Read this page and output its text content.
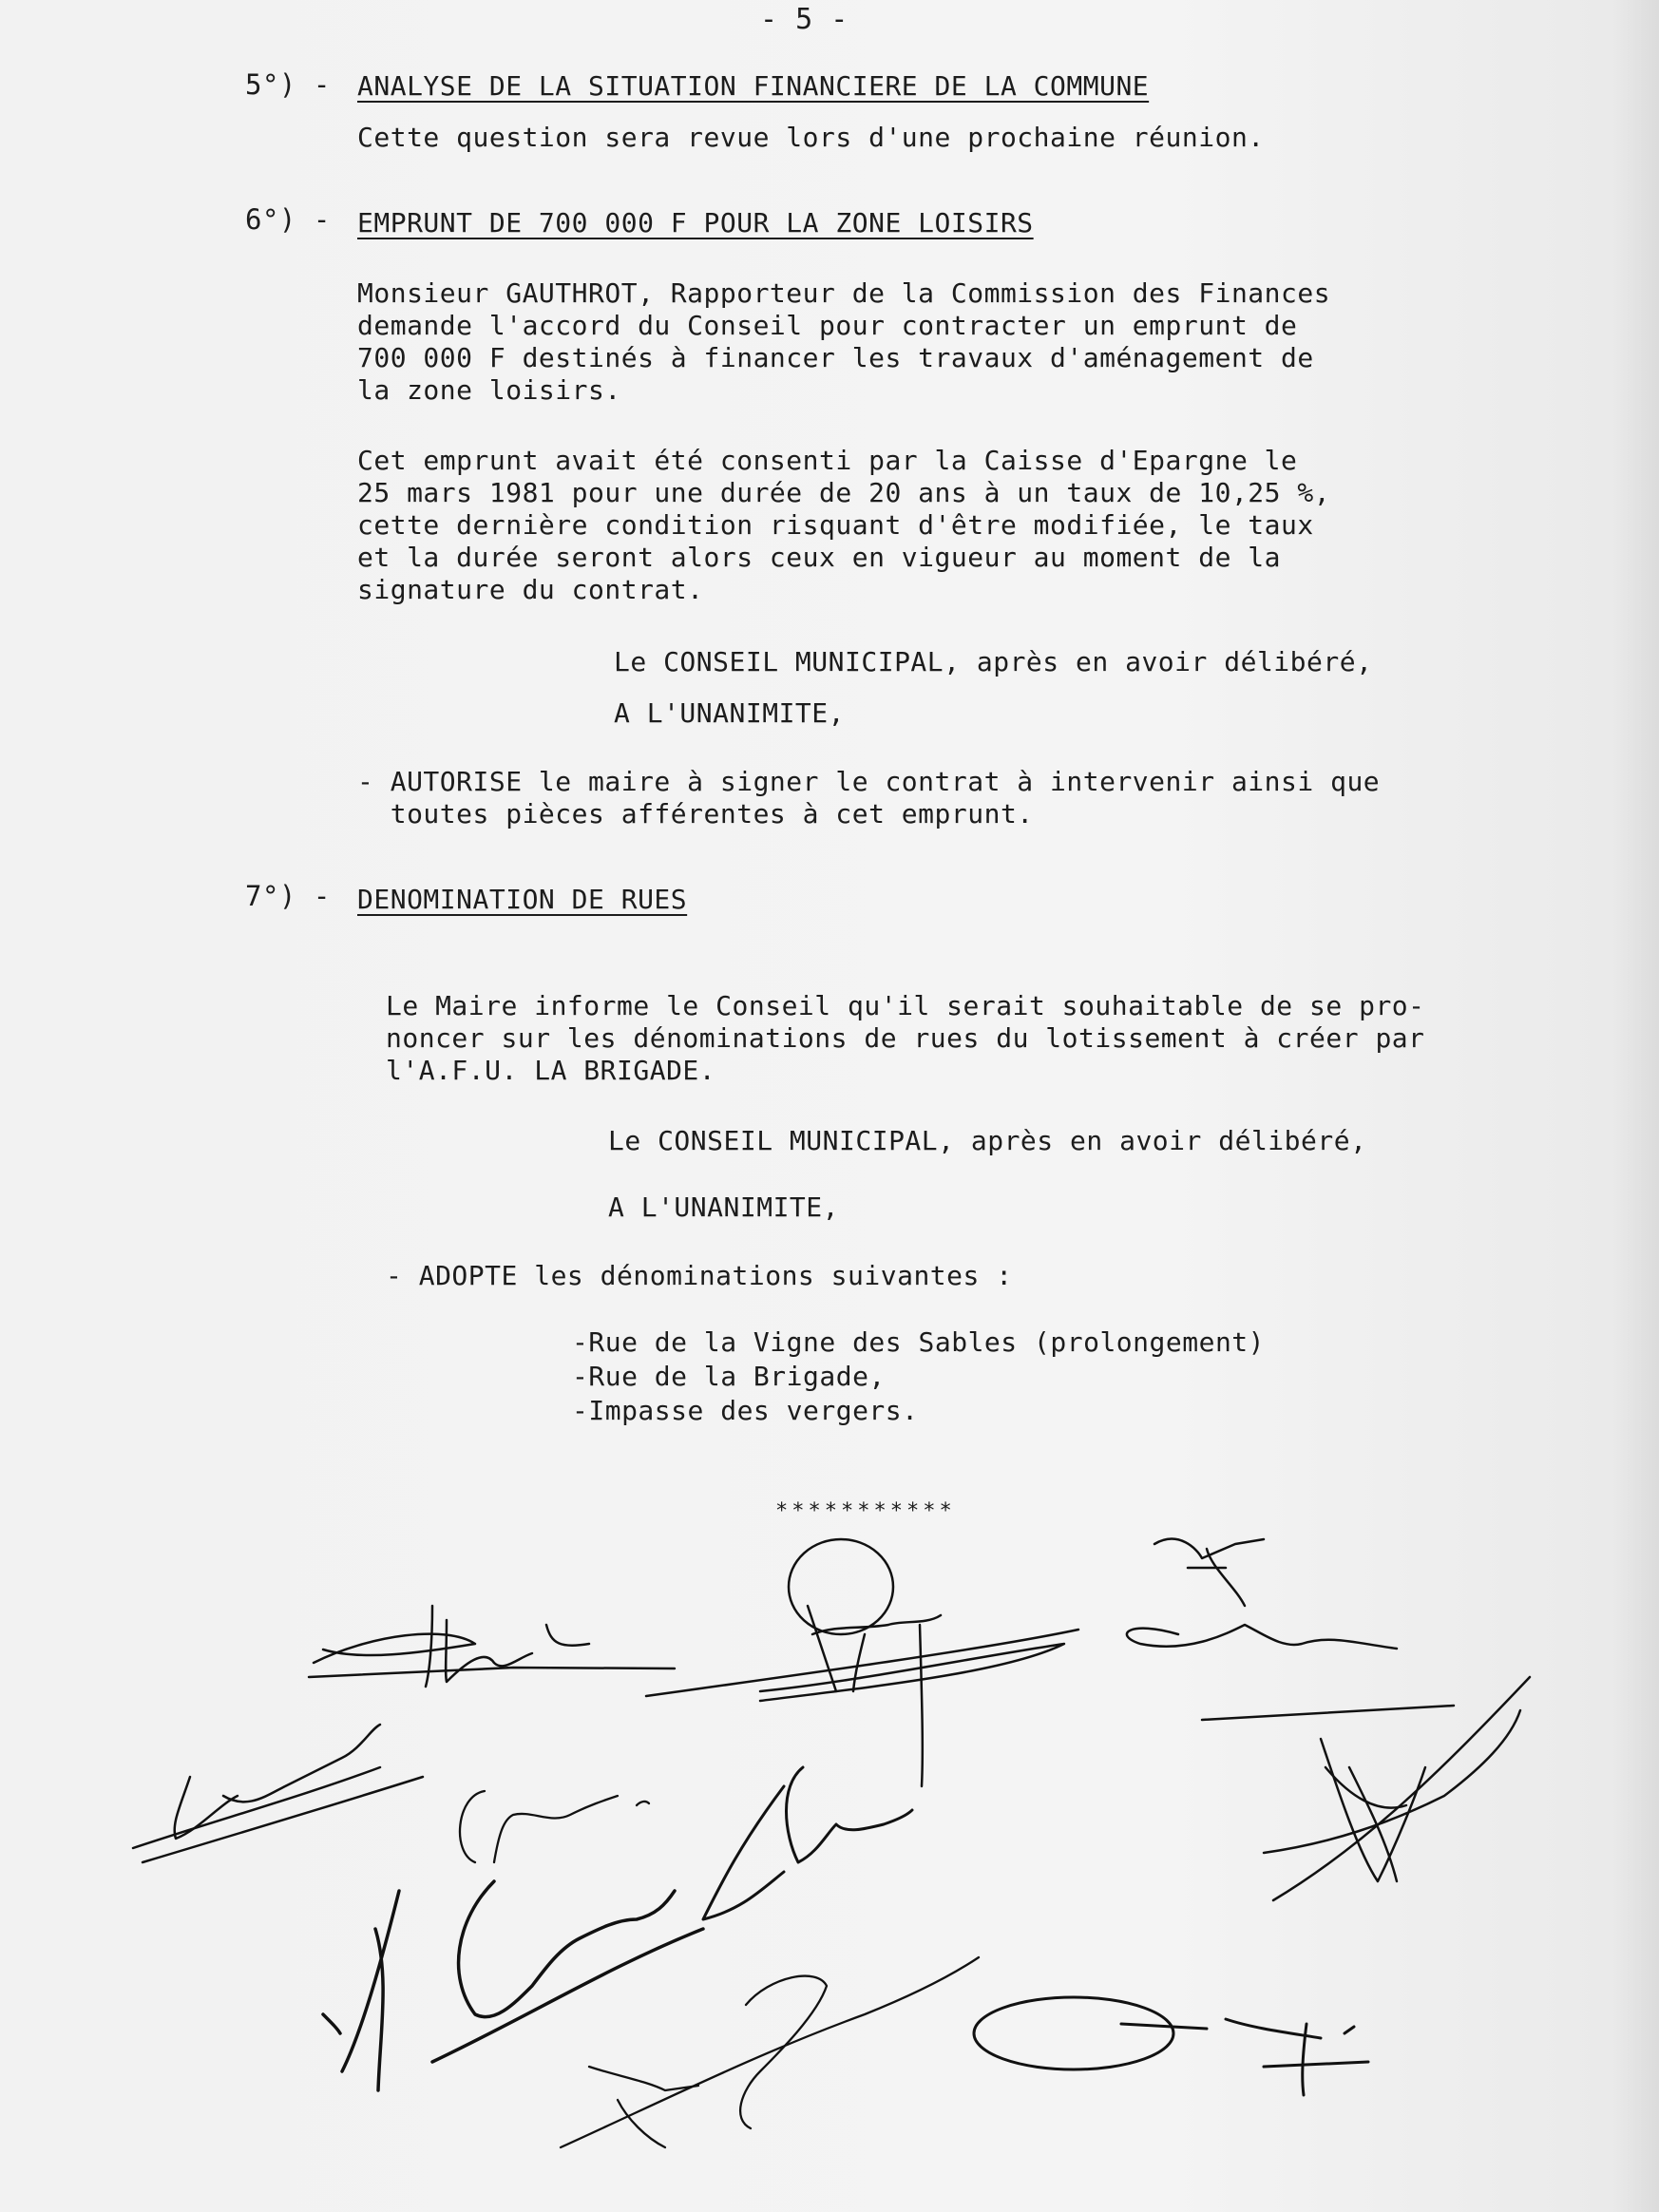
- 5 -
5°) - ANALYSE DE LA SITUATION FINANCIERE DE LA COMMUNE
Cette question sera revue lors d'une prochaine réunion.
6°) - EMPRUNT DE 700 000 F POUR LA ZONE LOISIRS
Monsieur GAUTHROT, Rapporteur de la Commission des Finances
demande l'accord du Conseil pour contracter un emprunt de
700 000 F destinés à financer les travaux d'aménagement de
la zone loisirs.
Cet emprunt avait été consenti par la Caisse d'Epargne le
25 mars 1981 pour une durée de 20 ans à un taux de 10,25 %,
cette dernière condition risquant d'être modifiée, le taux
et la durée seront alors ceux en vigueur au moment de la
signature du contrat.
Le CONSEIL MUNICIPAL, après en avoir délibéré,
A L'UNANIMITE,
- AUTORISE le maire à signer le contrat à intervenir ainsi que
toutes pièces afférentes à cet emprunt.
7°) - DENOMINATION DE RUES
Le Maire informe le Conseil qu'il serait souhaitable de se pro-
noncer sur les dénominations de rues du lotissement à créer par
l'A.F.U. LA BRIGADE.
Le CONSEIL MUNICIPAL, après en avoir délibéré,
A L'UNANIMITE,
- ADOPTE les dénominations suivantes :
-Rue de la Vigne des Sables (prolongement)
-Rue de la Brigade,
-Impasse des vergers.
***********
